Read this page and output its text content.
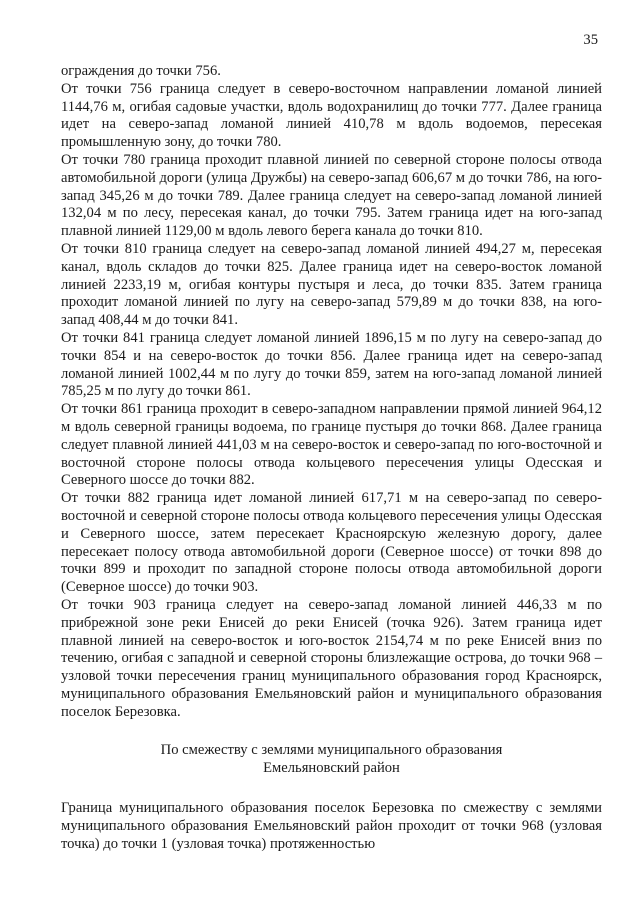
35

ограждения до точки 756.

От точки 756 граница следует в северо-восточном направлении ломаной линией 1144,76 м, огибая садовые участки, вдоль водохранилищ до точки 777. Далее граница идет на северо-запад ломаной линией 410,78 м вдоль водоемов, пересекая промышленную зону, до точки 780.

От точки 780 граница проходит плавной линией по северной стороне полосы отвода автомобильной дороги (улица Дружбы) на северо-запад 606,67 м до точки 786, на юго-запад 345,26 м до точки 789. Далее граница следует на северо-запад ломаной линией 132,04 м по лесу, пересекая канал, до точки 795. Затем граница идет на юго-запад плавной линией 1129,00 м вдоль левого берега канала до точки 810.

От точки 810 граница следует на северо-запад ломаной линией 494,27 м, пересекая канал, вдоль складов до точки 825. Далее граница идет на северо-восток ломаной линией 2233,19 м, огибая контуры пустыря и леса, до точки 835. Затем граница проходит ломаной линией по лугу на северо-запад 579,89 м до точки 838, на юго-запад 408,44 м до точки 841.

От точки 841 граница следует ломаной линией 1896,15 м по лугу на северо-запад до точки 854 и на северо-восток до точки 856. Далее граница идет на северо-запад ломаной линией 1002,44 м по лугу до точки 859, затем на юго-запад ломаной линией 785,25 м по лугу до точки 861.

От точки 861 граница проходит в северо-западном направлении прямой линией 964,12 м вдоль северной границы водоема, по границе пустыря до точки 868. Далее граница следует плавной линией 441,03 м на северо-восток и северо-запад по юго-восточной и восточной стороне полосы отвода кольцевого пересечения улицы Одесская и Северного шоссе до точки 882.

От точки 882 граница идет ломаной линией 617,71 м на северо-запад по северо-восточной и северной стороне полосы отвода кольцевого пересечения улицы Одесская и Северного шоссе, затем пересекает Красноярскую железную дорогу, далее пересекает полосу отвода автомобильной дороги (Северное шоссе) от точки 898 до точки 899 и проходит по западной стороне полосы отвода автомобильной дороги (Северное шоссе) до точки 903.

От точки 903 граница следует на северо-запад ломаной линией 446,33 м по прибрежной зоне реки Енисей до реки Енисей (точка 926). Затем граница идет плавной линией на северо-восток и юго-восток 2154,74 м по реке Енисей вниз по течению, огибая с западной и северной стороны близлежащие острова, до точки 968 – узловой точки пересечения границ муниципального образования город Красноярск, муниципального образования Емельяновский район и муниципального образования поселок Березовка.

По смежеству с землями муниципального образования
Емельяновский район

Граница муниципального образования поселок Березовка по смежеству с землями муниципального образования Емельяновский район проходит от точки 968 (узловая точка) до точки 1 (узловая точка) протяженностью
